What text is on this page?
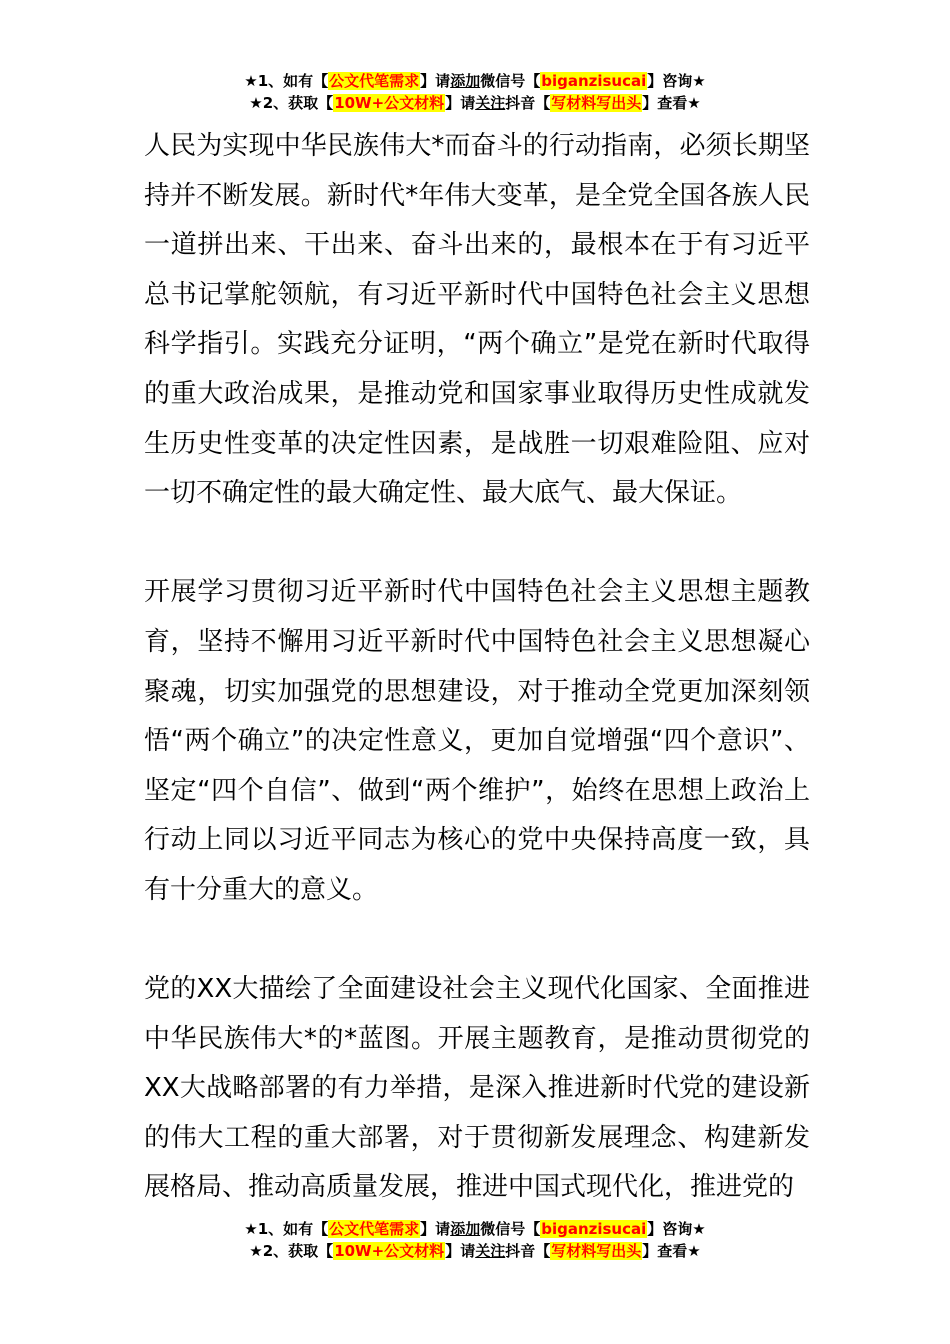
★1、如有【公文代笔需求】请添加微信号【biganzisucai】咨询★
★2、获取【10W+公文材料】请关注抖音【写材料写出头】查看★

人民为实现中华民族伟大*而奋斗的行动指南，必须长期坚持并不断发展。新时代*年伟大变革，是全党全国各族人民一道拼出来、干出来、奋斗出来的，最根本在于有习近平总书记掌舵领航，有习近平新时代中国特色社会主义思想科学指引。实践充分证明，“两个确立”是党在新时代取得的重大政治成果，是推动党和国家事业取得历史性成就发生历史性变革的决定性因素，是战胜一切艰难险阻、应对一切不确定性的最大确定性、最大底气、最大保证。

开展学习贯彻习近平新时代中国特色社会主义思想主题教育，坚持不懈用习近平新时代中国特色社会主义思想凝心聚魂，切实加强党的思想建设，对于推动全党更加深刻领悟“两个确立”的决定性意义，更加自觉增强“四个意识”、坚定“四个自信”、做到“两个维护”，始终在思想上政治上行动上同以习近平同志为核心的党中央保持高度一致，具有十分重大的意义。

党的XX大描绘了全面建设社会主义现代化国家、全面推进中华民族伟大*的*蓝图。开展主题教育，是推动贯彻党的XX大战略部署的有力举措，是深入推进新时代党的建设新的伟大工程的重大部署，对于贯彻新发展理念、构建新发展格局、推动高质量发展，推进中国式现代化，推进党的

★1、如有【公文代笔需求】请添加微信号【biganzisucai】咨询★
★2、获取【10W+公文材料】请关注抖音【写材料写出头】查看★
